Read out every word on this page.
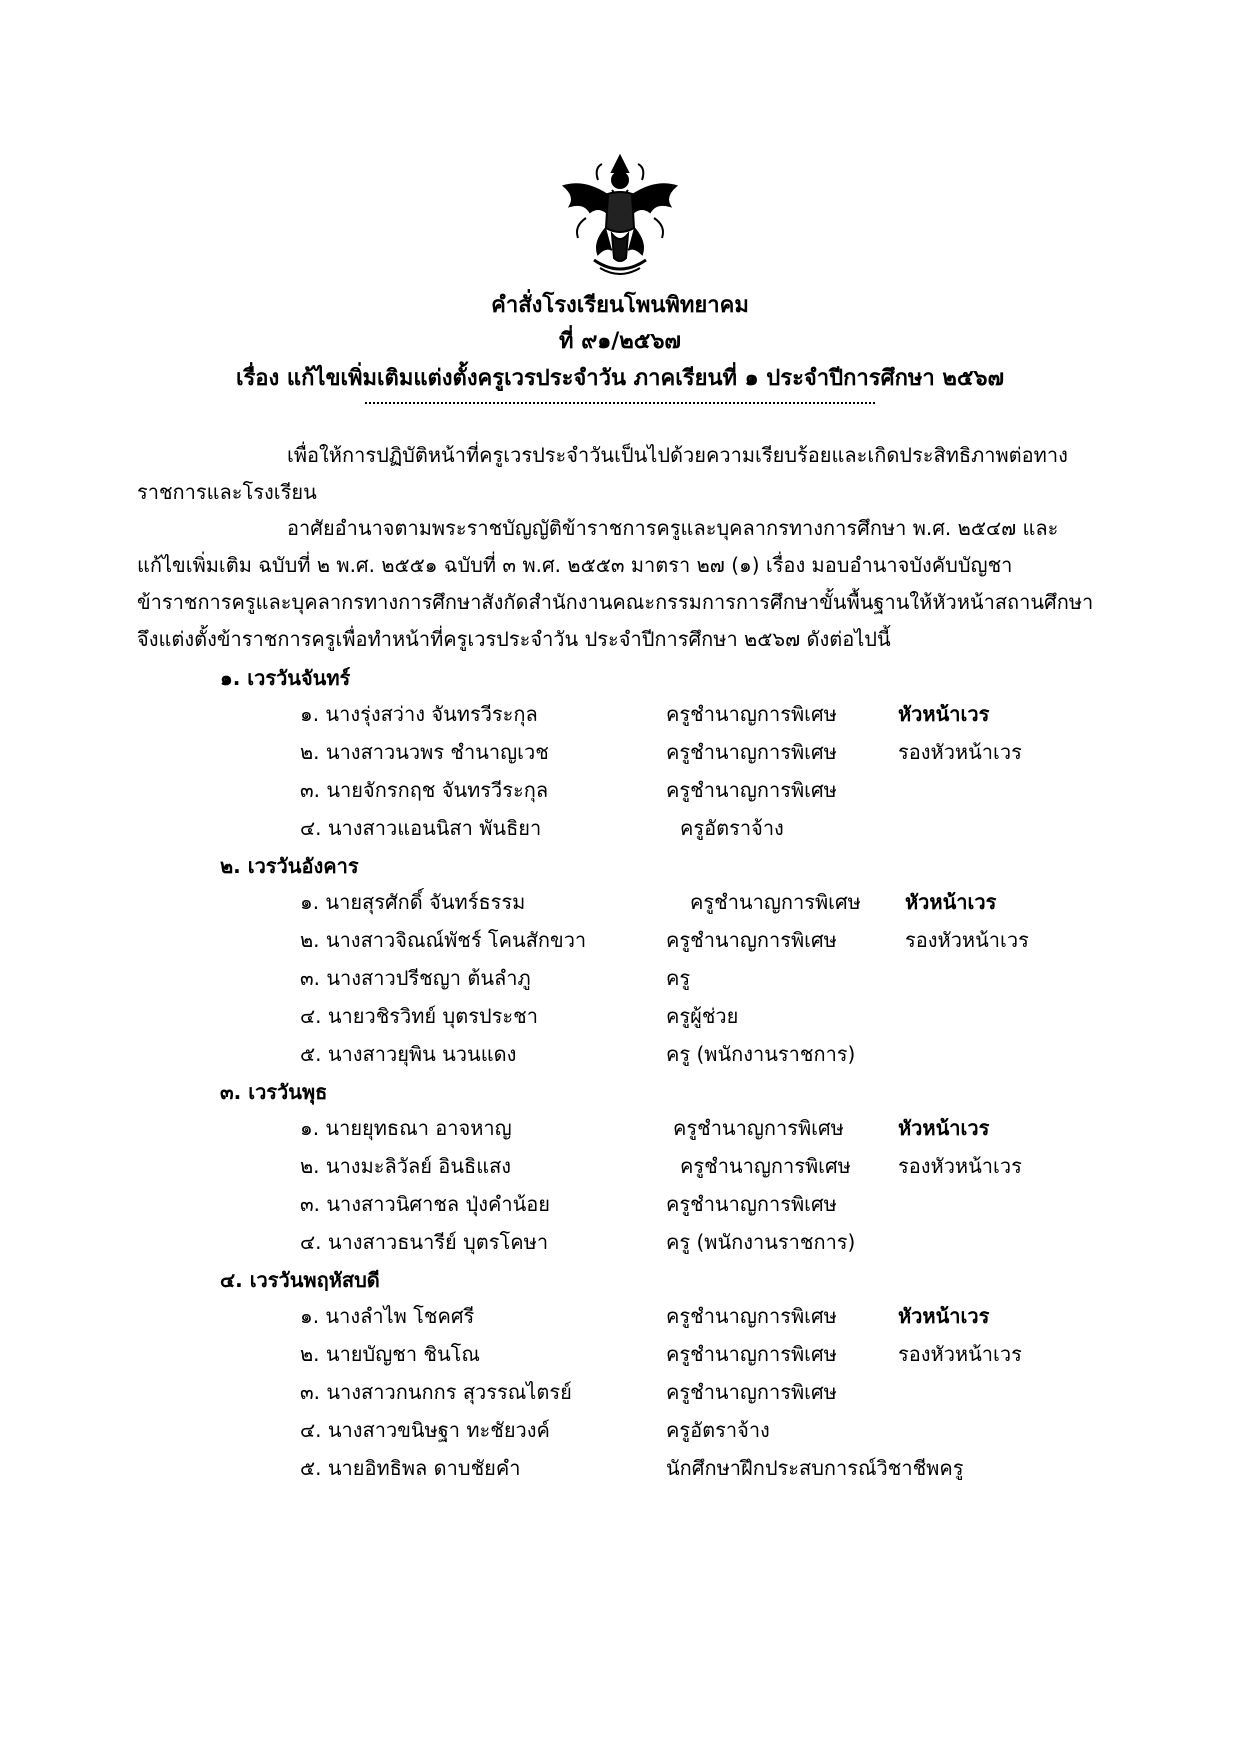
คำสั่งโรงเรียนโพนพิทยาคม
ที่ ๙๑/๒๕๖๗
เรื่อง แก้ไขเพิ่มเติมแต่งตั้งครูเวรประจำวัน ภาคเรียนที่ ๑ ประจำปีการศึกษา ๒๕๖๗
เพื่อให้การปฏิบัติหน้าที่ครูเวรประจำวันเป็นไปด้วยความเรียบร้อยและเกิดประสิทธิภาพต่อทางราชการและโรงเรียน
อาศัยอำนาจตามพระราชบัญญัติข้าราชการครูและบุคลากรทางการศึกษา พ.ศ. ๒๕๔๗ และแก้ไขเพิ่มเติม ฉบับที่ ๒ พ.ศ. ๒๕๕๑ ฉบับที่ ๓ พ.ศ. ๒๕๕๓ มาตรา ๒๗ (๑) เรื่อง มอบอำนาจบังคับบัญชาข้าราชการครูและบุคลากรทางการศึกษาสังกัดสำนักงานคณะกรรมการการศึกษาขั้นพื้นฐานให้หัวหน้าสถานศึกษา จึงแต่งตั้งข้าราชการครูเพื่อทำหน้าที่ครูเวรประจำวัน ประจำปีการศึกษา ๒๕๖๗ ดังต่อไปนี้
๑. เวรวันจันทร์
๑. นางรุ่งสว่าง จันทรวีระกุล	ครูชำนาญการพิเศษ	หัวหน้าเวร
๒. นางสาวนวพร ชำนาญเวช	ครูชำนาญการพิเศษ	รองหัวหน้าเวร
๓. นายจักรกฤช จันทรวีระกุล	ครูชำนาญการพิเศษ
๔. นางสาวแอนนิสา พันธิยา	ครูอัตราจ้าง
๒. เวรวันอังคาร
๑. นายสุรศักดิ์ จันทร์ธรรม	ครูชำนาญการพิเศษ หัวหน้าเวร
๒. นางสาวจิณณ์พัชร์ โคนสักขวา	ครูชำนาญการพิเศษ	รองหัวหน้าเวร
๓. นางสาวปรีชญา ต้นลำภู	ครู
๔. นายวชิรวิทย์ บุตรประชา	ครูผู้ช่วย
๕. นางสาวยุพิน นวนแดง	ครู (พนักงานราชการ)
๓. เวรวันพุธ
๑. นายยุทธณา อาจหาญ	ครูชำนาญการพิเศษ	หัวหน้าเวร
๒. นางมะลิวัลย์ อินธิแสง	ครูชำนาญการพิเศษ รองหัวหน้าเวร
๓. นางสาวนิศาชล ปุ่งคำน้อย	ครูชำนาญการพิเศษ
๔. นางสาวธนารีย์ บุตรโคษา	ครู (พนักงานราชการ)
๔. เวรวันพฤหัสบดี
๑. นางลำไพ โชคศรี	ครูชำนาญการพิเศษ	หัวหน้าเวร
๒. นายบัญชา ชินโณ	ครูชำนาญการพิเศษ	รองหัวหน้าเวร
๓. นางสาวกนกกร สุวรรณไตรย์	ครูชำนาญการพิเศษ
๔. นางสาวขนิษฐา ทะชัยวงค์	ครูอัตราจ้าง
๕. นายอิทธิพล ดาบชัยคำ	นักศึกษาฝึกประสบการณ์วิชาชีพครู
